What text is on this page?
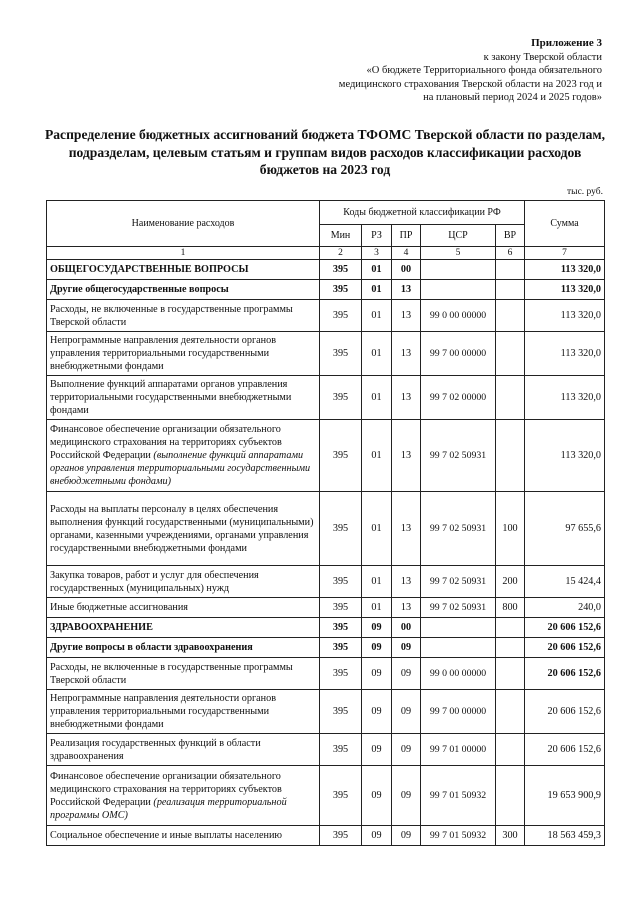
Приложение 3
к закону Тверской области
«О бюджете Территориального фонда обязательного
медицинского страхования Тверской области на 2023 год и
на плановый период 2024 и 2025 годов»
Распределение бюджетных ассигнований бюджета ТФОМС Тверской области по разделам, подразделам, целевым статьям и группам видов расходов классификации расходов бюджетов на 2023 год
тыс. руб.
Наименование расходов	Коды бюджетной классификации РФ					Сумма
	Мин	РЗ	ПР	ЦСР	ВР	
1	2	3	4	5	6	7
ОБЩЕГОСУДАРСТВЕННЫЕ ВОПРОСЫ	395	01	00			113 320,0
Другие общегосударственные вопросы	395	01	13			113 320,0
Расходы, не включенные в государственные программы Тверской области	395	01	13	99 0 00 00000		113 320,0
Непрограммные направления деятельности органов управления территориальными государственными внебюджетными фондами	395	01	13	99 7 00 00000		113 320,0
Выполнение функций аппаратами органов управления территориальными государственными внебюджетными фондами	395	01	13	99 7 02 00000		113 320,0
Финансовое обеспечение организации обязательного медицинского страхования на территориях субъектов Российской Федерации (выполнение функций аппаратами органов управления территориальными государственными внебюджетными фондами)	395	01	13	99 7 02 50931		113 320,0
Расходы на выплаты персоналу в целях обеспечения выполнения функций государственными (муниципальными) органами, казенными учреждениями, органами управления государственными внебюджетными фондами	395	01	13	99 7 02 50931	100	97 655,6
Закупка товаров, работ и услуг для обеспечения государственных (муниципальных) нужд	395	01	13	99 7 02 50931	200	15 424,4
Иные бюджетные ассигнования	395	01	13	99 7 02 50931	800	240,0
ЗДРАВООХРАНЕНИЕ	395	09	00			20 606 152,6
Другие вопросы в области здравоохранения	395	09	09			20 606 152,6
Расходы, не включенные в государственные программы Тверской области	395	09	09	99 0 00 00000		20 606 152,6
Непрограммные направления деятельности органов управления территориальными государственными внебюджетными фондами	395	09	09	99 7 00 00000		20 606 152,6
Реализация государственных функций в области здравоохранения	395	09	09	99 7 01 00000		20 606 152,6
Финансовое обеспечение организации обязательного медицинского страхования на территориях субъектов Российской Федерации (реализация территориальной программы ОМС)	395	09	09	99 7 01 50932		19 653 900,9
Социальное обеспечение и иные выплаты населению	395	09	09	99 7 01 50932	300	18 563 459,3
